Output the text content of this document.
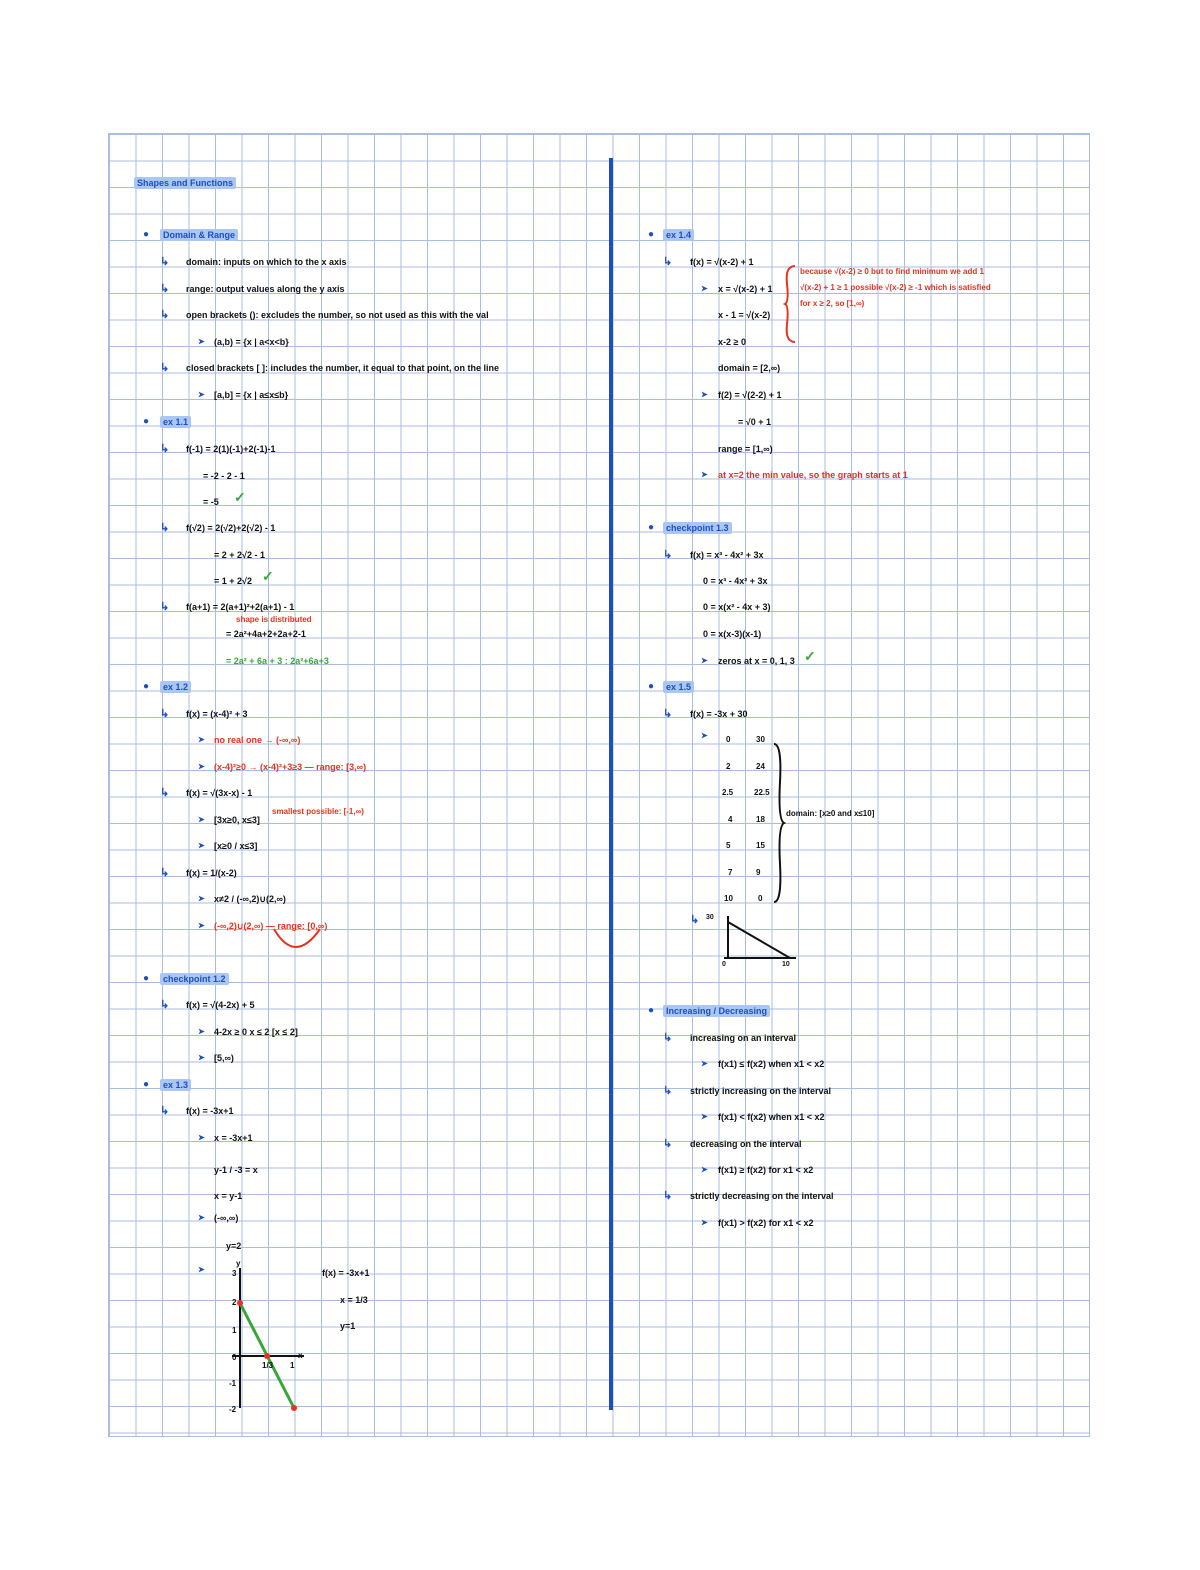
Shapes and Functions
●	Domain & Range
↳ domain: inputs on which to the x axis
↳ range: output values along the y axis
↳ open brackets (): excludes the number, so not used as this with the val
➤ (a,b) = {x | a<x<b}
↳ closed brackets [ ]: includes the number, it equal to that point, on the line
➤ [a,b] = {x | a≤x≤b}
●	ex 1.1
↳ f(-1) = 2(1)(-1)+2(-1)-1
= -2 - 2 - 1
= -5 ✓
↳ f(√2) = 2(√2)+2(√2) - 1
= 2 + 2√2 - 1
= 1 + 2√2 ✓
↳ f(a+1) = 2(a+1)²+2(a+1) - 1
shape is distributed
= 2a²+4a+2+2a+2-1
= 2a² + 6a + 3 : 2a²+6a+3
●	ex 1.2
↳ f(x) = (x-4)² + 3
➤ no real one → (-∞,∞)
➤ (x-4)²≥0 → (x-4)²+3≥3 — range: [3,∞)
↳ f(x) = √(3x-x) - 1
➤ [3x≥0, x≤3]
smallest possible: [-1,∞)
➤ [x≥0 / x≤3]
↳ f(x) = 1/(x-2)
➤ x≠2 / (-∞,2)∪(2,∞)
➤ (-∞,2)∪(2,∞) — range: [0,∞)
●	checkpoint 1.2
↳ f(x) = √(4-2x) + 5
➤ 4-2x ≥ 0 x ≤ 2 [x ≤ 2]
➤ [5,∞)
●	ex 1.3
↳ f(x) = -3x+1
➤ x = -3x+1
y-1 / -3 = x
x = y-1
➤ (-∞,∞)
y=2
➤	f(x) = -3x+1
x = 1/3
y=1
3
2
1
0
-1
-2
1/3 1
x
y
●	ex 1.4
↳ f(x) = √(x-2) + 1
➤ x = √(x-2) + 1
x - 1 = √(x-2)
x-2 ≥ 0
domain = [2,∞)
➤ f(2) = √(2-2) + 1
= √0 + 1
range = [1,∞)
➤ at x=2 the min value, so the graph starts at 1
because √(x-2) ≥ 0 but to find minimum we add 1
√(x-2) + 1 ≥ 1 possible √(x-2) ≥ -1 which is satisfied
for x ≥ 2, so [1,∞)
●	checkpoint 1.3
↳ f(x) = x³ - 4x² + 3x
0 = x³ - 4x² + 3x
0 = x(x² - 4x + 3)
0 = x(x-3)(x-1)
➤ zeros at x = 0, 1, 3 ✓
●	ex 1.5
↳ f(x) = -3x + 30
➤ 0	30
2	24
2.5	22.5
4	18
5	15
7	9
10	0
domain: [x≥0 and x≤10]
↳ 30
10
0
●	Increasing / Decreasing
↳ increasing on an interval
➤ f(x1) ≤ f(x2) when x1 < x2
↳ strictly increasing on the interval
➤ f(x1) < f(x2) when x1 < x2
↳ decreasing on the interval
➤ f(x1) ≥ f(x2) for x1 < x2
↳ strictly decreasing on the interval
➤ f(x1) > f(x2) for x1 < x2
